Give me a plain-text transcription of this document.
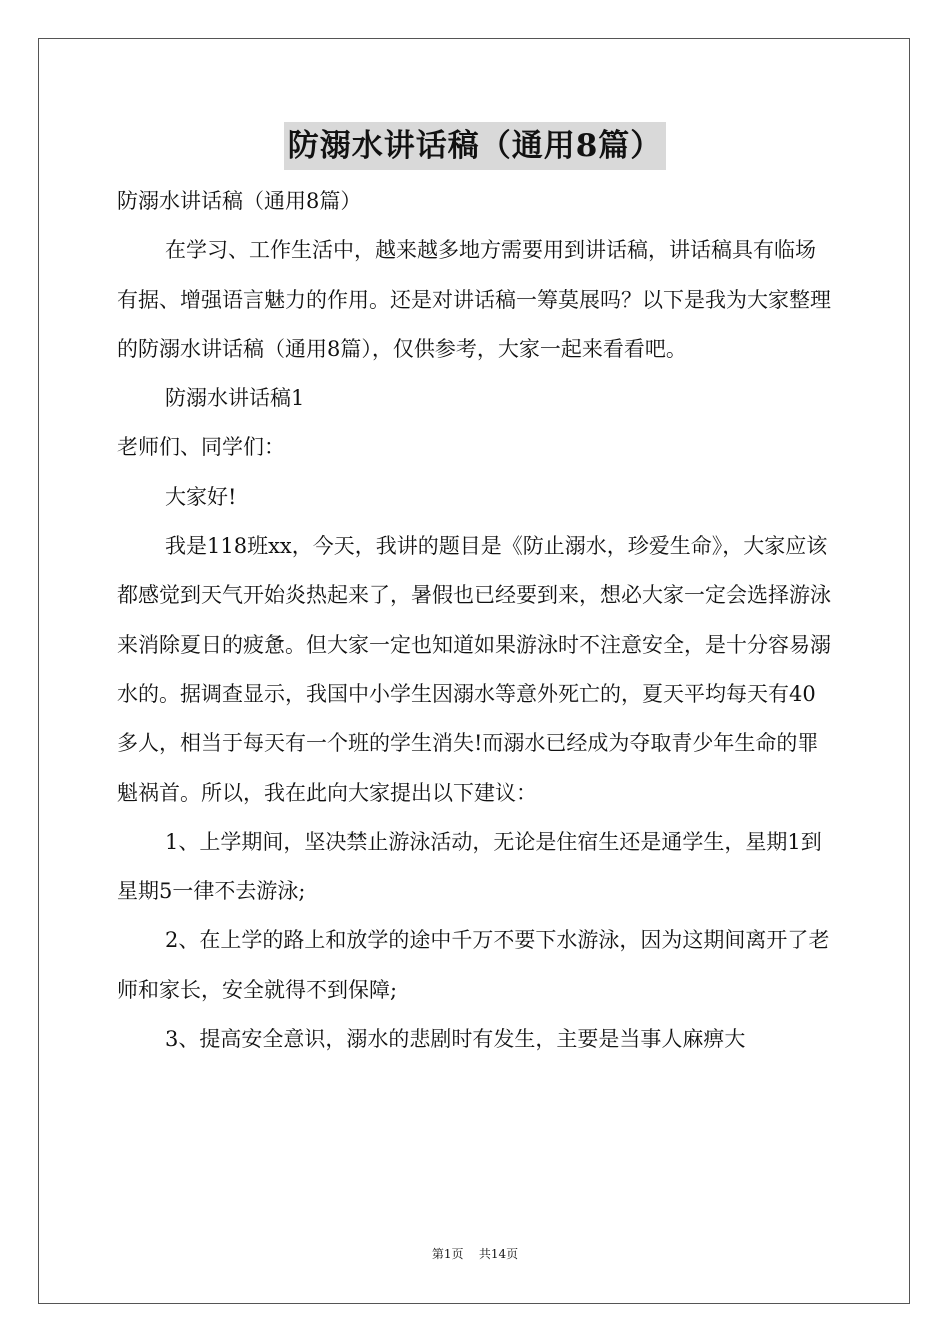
防溺水讲话稿（通用8篇）

防溺水讲话稿（通用8篇）

在学习、工作生活中，越来越多地方需要用到讲话稿，讲话稿具有临场有据、增强语言魅力的作用。还是对讲话稿一筹莫展吗？以下是我为大家整理的防溺水讲话稿（通用8篇），仅供参考，大家一起来看看吧。

防溺水讲话稿1

老师们、同学们：

大家好!

我是118班xx，今天，我讲的题目是《防止溺水，珍爱生命》，大家应该都感觉到天气开始炎热起来了，暑假也已经要到来，想必大家一定会选择游泳来消除夏日的疲惫。但大家一定也知道如果游泳时不注意安全，是十分容易溺水的。据调查显示，我国中小学生因溺水等意外死亡的，夏天平均每天有40多人，相当于每天有一个班的学生消失!而溺水已经成为夺取青少年生命的罪魁祸首。所以，我在此向大家提出以下建议：

1、上学期间，坚决禁止游泳活动，无论是住宿生还是通学生，星期1到星期5一律不去游泳;

2、在上学的路上和放学的途中千万不要下水游泳，因为这期间离开了老师和家长，安全就得不到保障;

3、提高安全意识，溺水的悲剧时有发生，主要是当事人麻痹大

第1页 共14页
